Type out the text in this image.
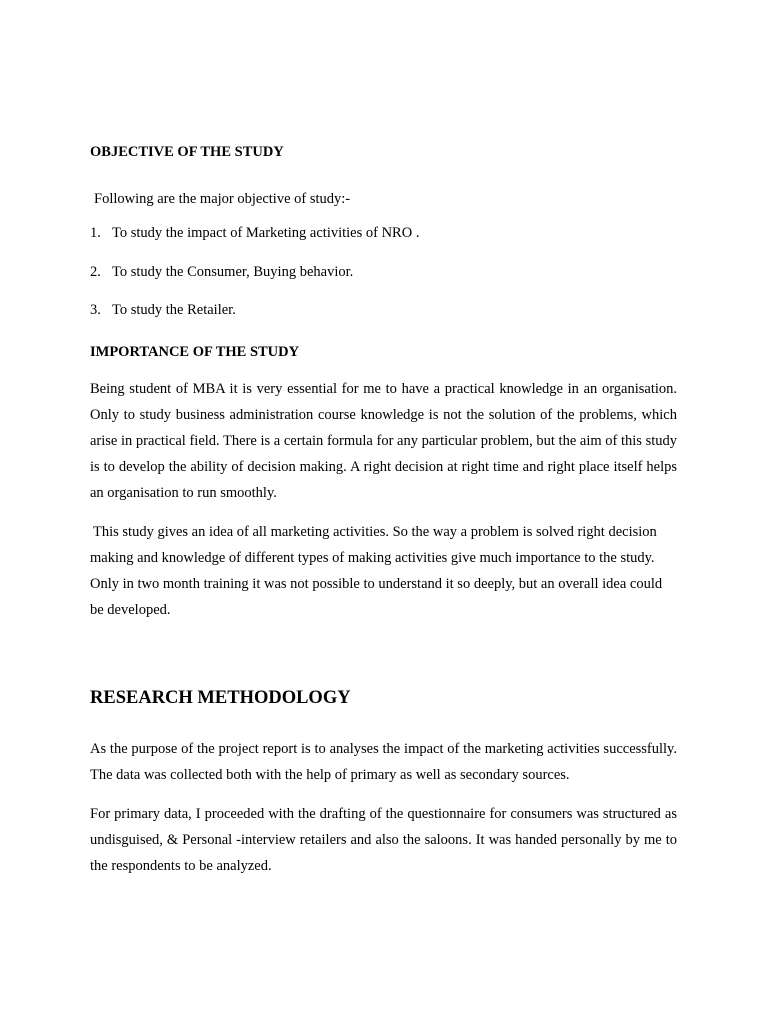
OBJECTIVE OF THE STUDY

Following are the major objective of study:-

1. To study the impact of Marketing activities of NRO .
2. To study the Consumer, Buying behavior.
3. To study the Retailer.
IMPORTANCE OF THE STUDY

Being student of MBA it is very essential for me to have a practical knowledge in an organisation. Only to study business administration course knowledge is not the solution of the problems, which arise in practical field. There is a certain formula for any particular problem, but the aim of this study is to develop the ability of decision making. A right decision at right time and right place itself helps an organisation to run smoothly.

This study gives an idea of all marketing activities. So the way a problem is solved right decision making and knowledge of different types of making activities give much importance to the study. Only in two month training it was not possible to understand it so deeply, but an overall idea could be developed.

RESEARCH METHODOLOGY

As the purpose of the project report is to analyses the impact of the marketing activities successfully. The data was collected both with the help of primary as well as secondary sources.

For primary data, I proceeded with the drafting of the questionnaire for consumers was structured as undisguised, & Personal -interview retailers and also the saloons. It was handed personally by me to the respondents to be analyzed.
